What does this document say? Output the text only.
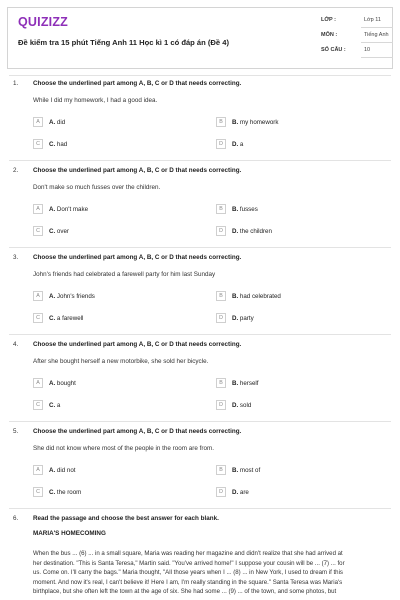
QUIZIZZ
Đề kiểm tra 15 phút Tiếng Anh 11 Học kì 1 có đáp án (Đề 4)
LỚP :	Lớp 11
MÔN :	Tiếng Anh
SỐ CÂU :	10
1. Choose the underlined part among A, B, C or D that needs correcting.
While I did my homework, I had a good idea.
A	A. did	B	B. my homework
C	C. had	D	D. a
2. Choose the underlined part among A, B, C or D that needs correcting.
Don't make so much fusses over the children.
A	A. Don't make	B	B. fusses
C	C. over	D	D. the children
3. Choose the underlined part among A, B, C or D that needs correcting.
John's friends had celebrated a farewell party for him last Sunday
A	A. John's friends	B	B. had celebrated
C	C. a farewell	D	D. party
4. Choose the underlined part among A, B, C or D that needs correcting.
After she bought herself a new motorbike, she sold her bicycle.
A	A. bought	B	B. herself
C	C. a	D	D. sold
5. Choose the underlined part among A, B, C or D that needs correcting.
She did not know where most of the people in the room are from.
A	A. did not	B	B. most of
C	C. the room	D	D. are
6. Read the passage and choose the best answer for each blank.
MARIA'S HOMECOMING
When the bus ... (6) ... in a small square, Maria was reading her magazine and didn't realize that she had arrived at
her destination. "This is Santa Teresa," Martin said. "You've arrived home!" I suppose your cousin will be ... (7) ... for
us. Come on. I'll carry the bags." Maria thought, "All those years when I ... (8) ... in New York, I used to dream if this
moment. And now it's real, I can't believe it! Here I am, I'm really standing in the square." Santa Teresa was Maria's
birthplace, but she often left the town at the age of six. She had some ... (9) ... of the town, and some photos, but
